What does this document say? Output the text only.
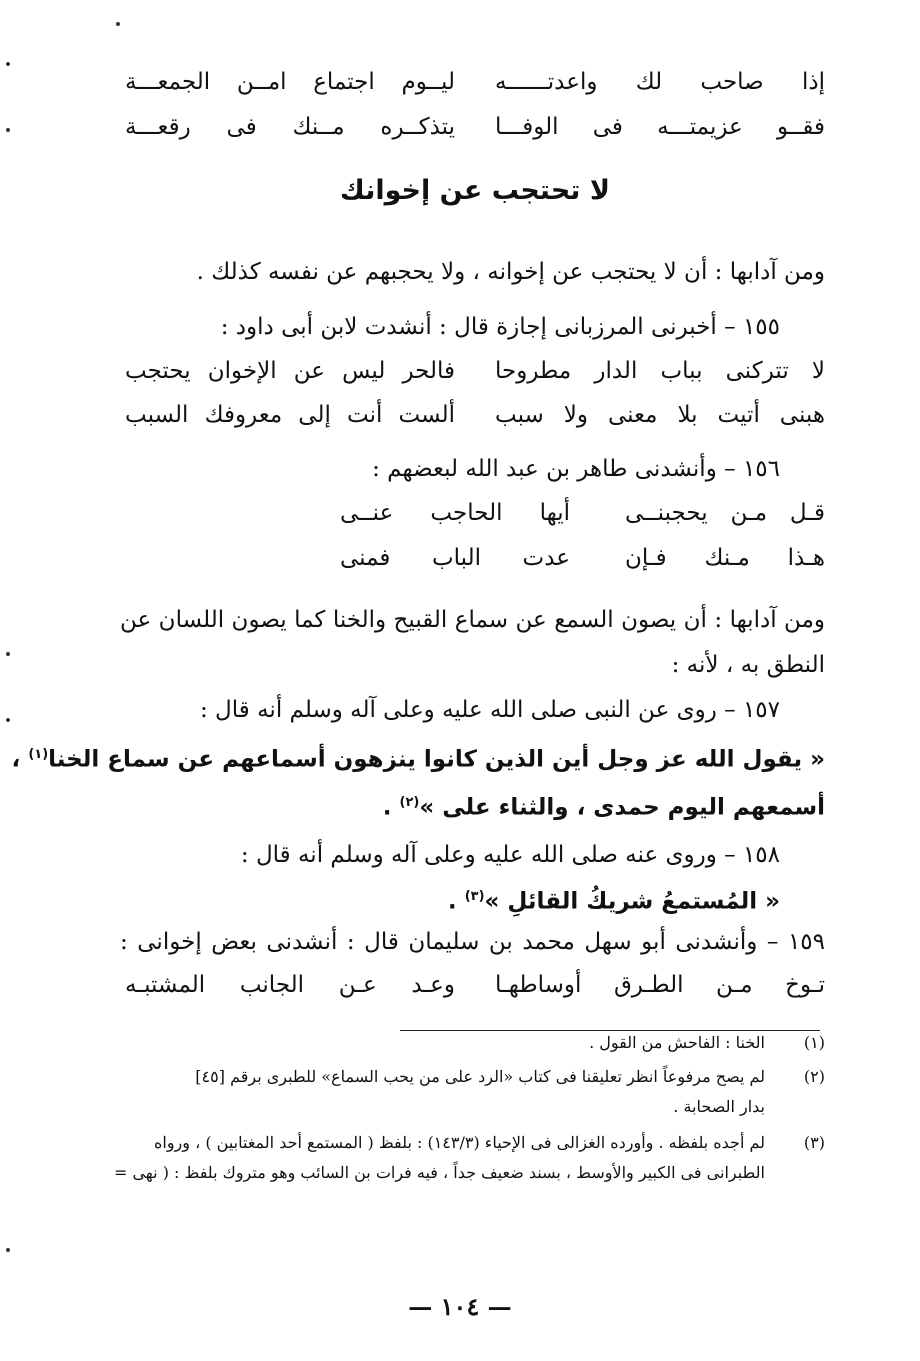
إذا صاحب لك واعدتــــــه
ليــوم اجتماع امــن الجمعـــة
فقــو عزيمتـــه فى الوفـــا
يتذكــره مــنك فى رقعـــة
لا تحتجب عن إخوانك
ومن آدابها : أن لا يحتجب عن إخوانه ، ولا يحجبهم عن نفسه كذلك .
١٥٥ – أخبرنى المرزبانى إجازة قال : أنشدت لابن أبى داود :
لا تتركنى بباب الدار مطروحا
فالحر ليس عن الإخوان يحتجب
هبنى أتيت بلا معنى ولا سبب
ألست أنت إلى معروفك السبب
١٥٦ – وأنشدنى طاهر بن عبد الله لبعضهم :
قـل مـن يحجبنــى
أيها الحاجب عنــى
هـذا مـنك فـإن
عدت الباب فمنى
ومن آدابها : أن يصون السمع عن سماع القبيح والخنا كما يصون اللسان عن
النطق به ، لأنه :
١٥٧ – روى عن النبى صلى الله عليه وعلى آله وسلم أنه قال :
« يقول الله عز وجل أين الذين كانوا ينزهون أسماعهم عن سماع الخنا$^{(١)}$ ،
أسمعهم اليوم حمدى ، والثناء على »$^{(٢)}$ .
١٥٨ – وروى عنه صلى الله عليه وعلى آله وسلم أنه قال :
« المُستمعُ شريكُ القائلِ »$^{(٣)}$ .
١٥٩ – وأنشدنى أبو سهل محمد بن سليمان قال : أنشدنى بعض إخوانى :
تـوخ مـن الطـرق أوساطهـا
وعـد عـن الجانب المشتبـه
(١)الخنا : الفاحش من القول .
(٢)لم يصح مرفوعاً انظر تعليقنا فى كتاب «الرد على من يحب السماع» للطبرى برقم [٤٥]
بدار الصحابة .
(٣)لم أجده بلفظه . وأورده الغزالى فى الإحياء (١٤٣/٣) : بلفظ ( المستمع أحد المغتابين ) ، ورواه
الطبرانى فى الكبير والأوسط ، بسند ضعيف جداً ، فيه فرات بن السائب وهو متروك بلفظ : ( نهى =
— ١٠٤ —
